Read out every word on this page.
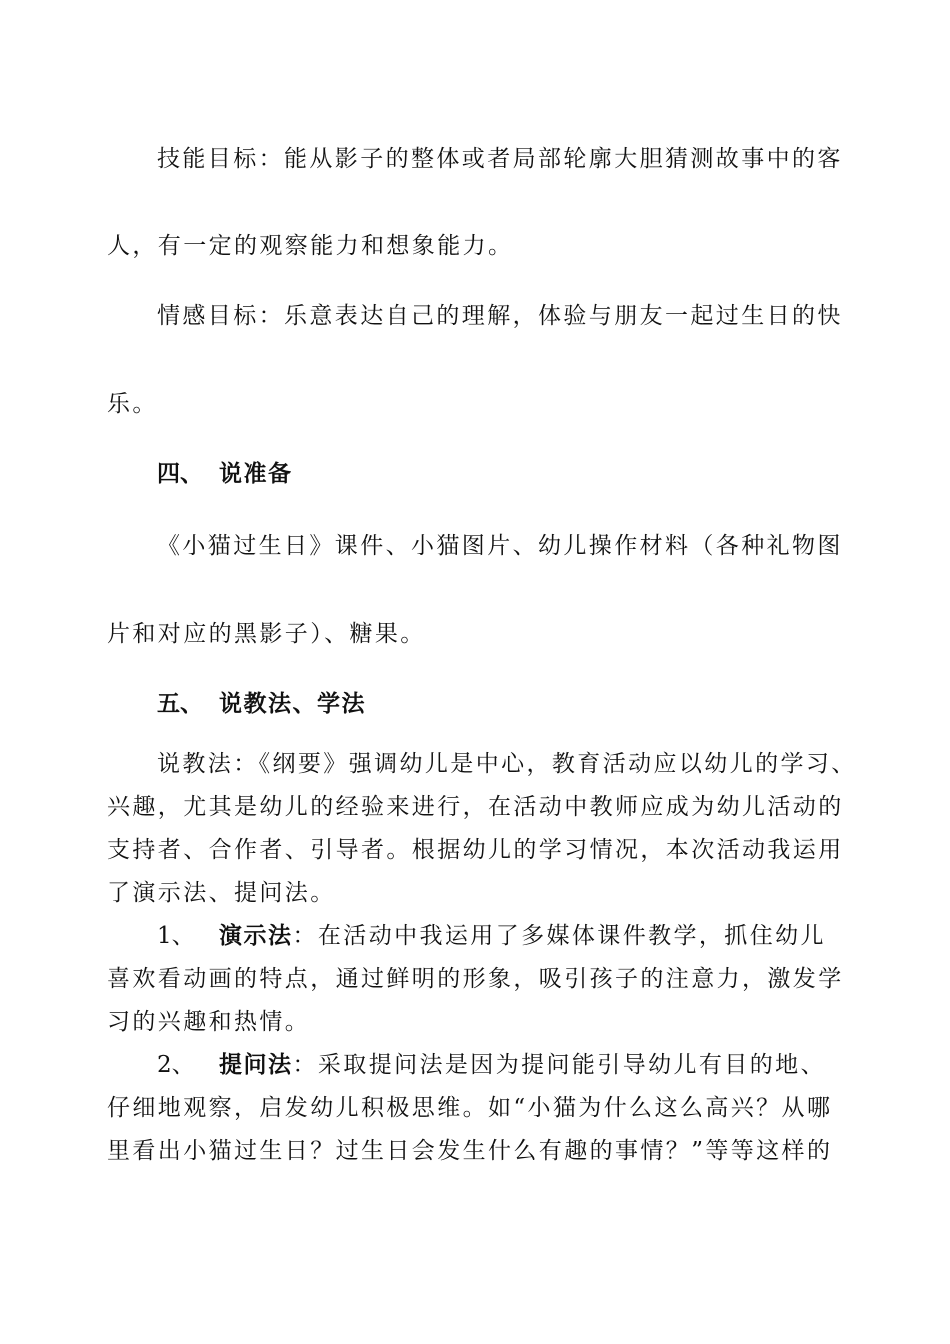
技能目标：能从影子的整体或者局部轮廓大胆猜测故事中的客
人，有一定的观察能力和想象能力。
情感目标：乐意表达自己的理解，体验与朋友一起过生日的快
乐。
四、 说准备
《小猫过生日》课件、小猫图片、幼儿操作材料（各种礼物图
片和对应的黑影子）、糖果。
五、 说教法、学法
说教法：《纲要》强调幼儿是中心，教育活动应以幼儿的学习、
兴趣，尤其是幼儿的经验来进行，在活动中教师应成为幼儿活动的
支持者、合作者、引导者。根据幼儿的学习情况，本次活动我运用
了演示法、提问法。
1、 演示法：在活动中我运用了多媒体课件教学，抓住幼儿
喜欢看动画的特点，通过鲜明的形象，吸引孩子的注意力，激发学
习的兴趣和热情。
2、 提问法：采取提问法是因为提问能引导幼儿有目的地、
仔细地观察，启发幼儿积极思维。如“小猫为什么这么高兴？从哪
里看出小猫过生日？过生日会发生什么有趣的事情？”等等这样的
